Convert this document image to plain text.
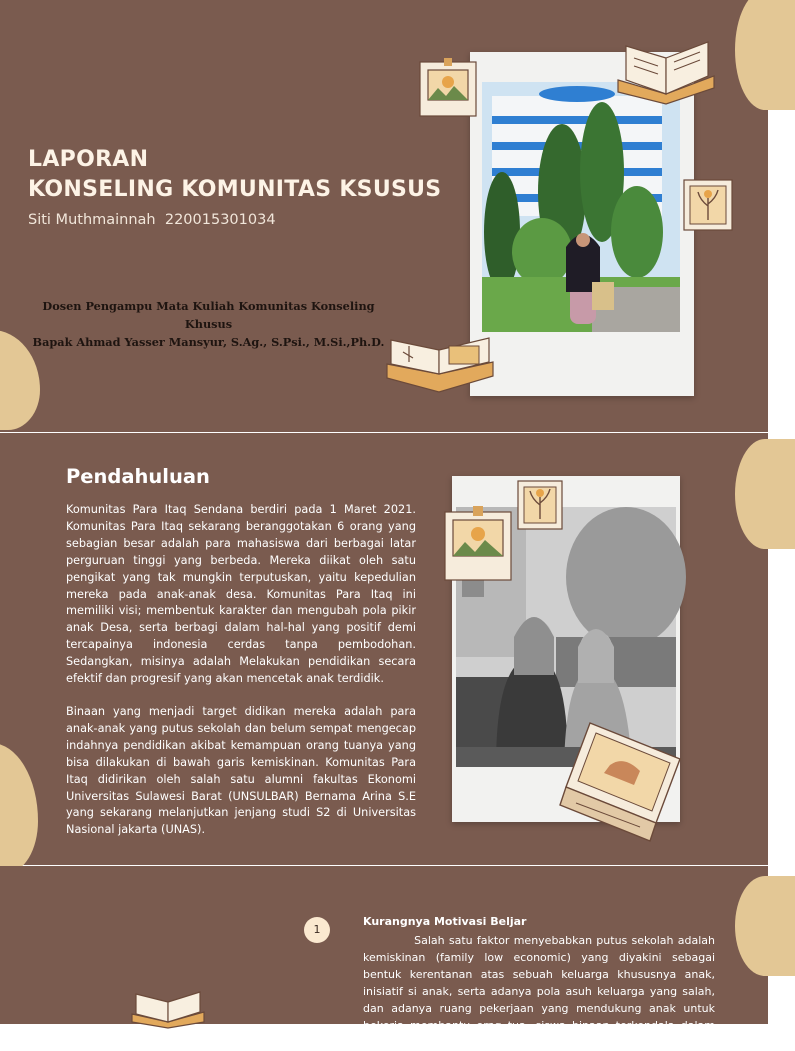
LAPORAN
KONSELING KOMUNITAS KSUSUS
Siti Muthmainnah  220015301034
Dosen Pengampu Mata Kuliah Komunitas Konseling Khusus
Bapak Ahmad Yasser Mansyur, S.Ag., S.Psi., M.Si.,Ph.D.
Pendahuluan

Komunitas Para Itaq Sendana berdiri pada 1 Maret 2021. Komunitas Para Itaq sekarang beranggotakan 6 orang yang sebagian besar adalah para mahasiswa dari berbagai latar perguruan tinggi yang berbeda. Mereka diikat oleh satu pengikat yang tak mungkin terputuskan, yaitu kepedulian mereka pada anak-anak desa. Komunitas Para Itaq ini memiliki visi; membentuk karakter dan mengubah pola pikir anak Desa, serta berbagi dalam hal-hal yang positif demi tercapainya indonesia cerdas tanpa pembodohan. Sedangkan, misinya adalah Melakukan pendidikan secara efektif dan progresif yang akan mencetak anak terdidik.

Binaan yang menjadi target didikan mereka adalah para anak-anak yang putus sekolah dan belum sempat mengecap indahnya pendidikan akibat kemampuan orang tuanya yang bisa dilakukan di bawah garis kemiskinan. Komunitas Para Itaq didirikan oleh salah satu alumni fakultas Ekonomi Universitas Sulawesi Barat (UNSULBAR) Bernama Arina S.E yang sekarang melanjutkan jenjang studi S2 di Universitas Nasional jakarta (UNAS).

1
Kurangnya Motivasi Beljar

Salah satu faktor menyebabkan putus sekolah adalah kemiskinan (family low economic) yang diyakini sebagai bentuk kerentanan atas sebuah keluarga khususnya anak, inisiatif si anak, serta adanya pola asuh keluarga yang salah, dan adanya ruang pekerjaan yang mendukung anak untuk bekerja membantu orng tua, siswa binaan terkendala dalam belajar karena harus
